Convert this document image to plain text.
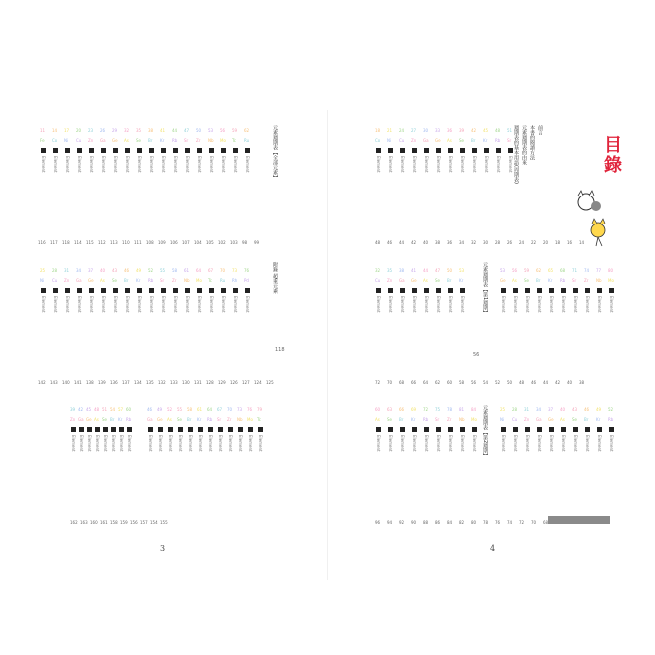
目錄
前言
本書的閱讀方法
元素週期表的由來
週期表的基本用語(周期表)
3	4
118
56
元素週期表【全部元素】
附錄 超重元素	元素週期表【第1週期】
元素週期表【第2週期】
11
Fe
Element
14
Co
Element
17
Ni
Element
20
Cu
Element
23
Zn
Element
26
Ga
Element
29
Ge
Element
32
As
Element
35
Se
Element
38
Br
Element
41
Kr
Element
44
Rb
Element
47
Sr
Element
50
Zr
Element
53
Nb
Element
56
Mo
Element
59
Tc
Element
62
Ru
Element
25
Ni
Element
28
Cu
Element
31
Zn
Element
34
Ga
Element
37
Ge
Element
40
As
Element
43
Se
Element
46
Br
Element
49
Kr
Element
52
Rb
Element
55
Sr
Element
58
Zr
Element
61
Nb
Element
64
Mo
Element
67
Tc
Element
70
Ru
Element
73
Rh
Element
76
Pd
Element
39
Zn
Element
42
Ga
Element
45
Ge
Element
48
As
Element
51
Se
Element
54
Br
Element
57
Kr
Element
60
Rb
Element
46
Ga
Element
49
Ge
Element
52
As
Element
55
Se
Element
58
Br
Element
61
Kr
Element
64
Rb
Element
67
Sr
Element
70
Zr
Element
73
Nb
Element
76
Mo
Element
79
Tc
Element
18
Co
Element
21
Ni
Element
24
Cu
Element
27
Zn
Element
30
Ga
Element
33
Ge
Element
36
As
Element
39
Se
Element
42
Br
Element
45
Kr
Element
48
Rb
Element
51
Sr
Element
32
Cu
Element
35
Zn
Element
38
Ga
Element
41
Ge
Element
44
As
Element
47
Se
Element
50
Br
Element
53
Kr
Element
53
Ge
Element
56
As
Element
59
Se
Element
62
Br
Element
65
Kr
Element
68
Rb
Element
71
Sr
Element
74
Zr
Element
77
Nb
Element
80
Mo
Element
60
As
Element
63
Se
Element
66
Br
Element
69
Kr
Element
72
Rb
Element
75
Sr
Element
78
Zr
Element
81
Nb
Element
84
Mo
Element
25
Ni
Element
28
Cu
Element
31
Zn
Element
34
Ga
Element
37
Ge
Element
40
As
Element
43
Se
Element
46
Br
Element
49
Kr
Element
52
Rb
Element
116 117 118 114 115 112 113 110 111 108 109 106 107 104 105 102 103 98 99
142 143 140 141 138 139 136 137 134 135 132 133 130 131 128 129 126 127 124 125
162 163 160 161 158 159 156 157 154 155
48 46 44 42 40 38 36 34 32 30 28 26 24 22 20 18 16 14
72 70 68 66 64 62 60 58 56 54 52 50 48 46 44 42 40 38
96 94 92 90 88 86 84 82 80 78 76 74 72 70 68
